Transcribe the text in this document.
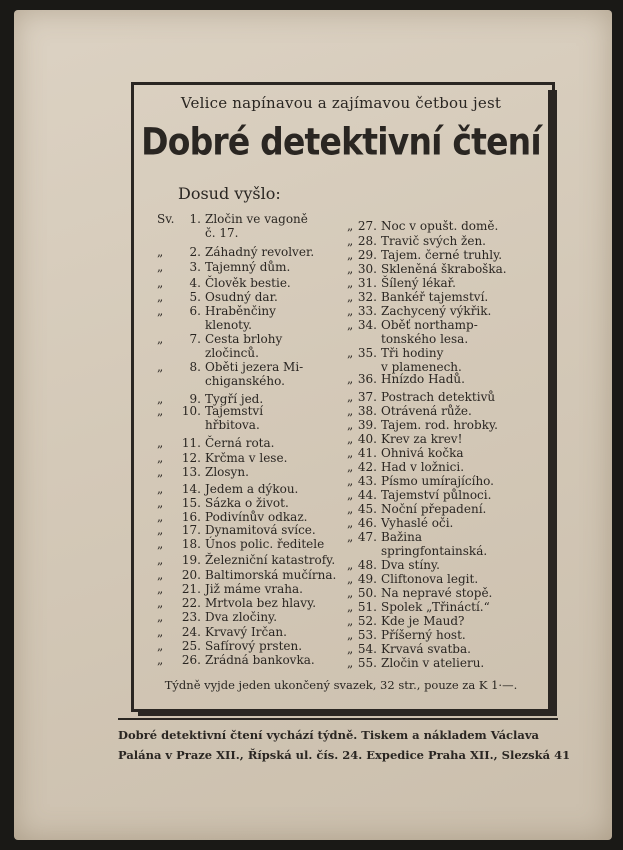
Velice napínavou a zajímavou četbou jest
Dobré detektivní čtení
Dosud vyšlo:
Sv.	1. Zločin ve vagoně
č. 17.
„	2. Záhadný revolver.
„	3. Tajemný dům.
„	4. Člověk bestie.
„	5. Osudný dar.
„	6. Hraběnčiny
klenoty.
„	7. Cesta brlohy
zločinců.
„	8. Oběti jezera Mi-
chiganského.
„	9. Tygří jed.
„ 10. Tajemství
hřbitova.
„ 11. Černá rota.
„ 12. Krčma v lese.
„ 13. Zlosyn.
„ 14. Jedem a dýkou.
„ 15. Sázka o život.
„ 16. Podivínův odkaz.
„ 17. Dynamitová svíce.
„ 18. Únos polic. ředitele
„ 19. Železniční katastrofy.
„ 20. Baltimorská mučírna.
„ 21. Již máme vraha.
„ 22. Mrtvola bez hlavy.
„ 23. Dva zločiny.
„ 24. Krvavý Irčan.
„ 25. Safírový prsten.
„ 26. Zrádná bankovka.
„ 27. Noc v opušt. domě.
„ 28. Travič svých žen.
„ 29. Tajem. černé truhly.
„ 30. Skleněná škraboška.
„ 31. Šílený lékař.
„ 32. Bankéř tajemství.
„ 33. Zachycený výkřik.
„ 34. Oběť northamp-
tonského lesa.
„ 35. Tři hodiny
v plamenech.
„ 36. Hnízdo Hadů.
„ 37. Postrach detektivů
„ 38. Otrávená růže.
„ 39. Tajem. rod. hrobky.
„ 40. Krev za krev!
„ 41. Ohnivá kočka
„ 42. Had v ložnici.
„ 43. Písmo umírajícího.
„ 44. Tajemství půlnoci.
„ 45. Noční přepadení.
„ 46. Vyhaslé oči.
„ 47. Bažina
springfontainská.
„ 48. Dva stíny.
„ 49. Cliftonova legit.
„ 50. Na nepravé stopě.
„ 51. Spolek „Třináctí.“
„ 52. Kde je Maud?
„ 53. Příšerný host.
„ 54. Krvavá svatba.
„ 55. Zločin v atelieru.
Týdně vyjde jeden ukončený svazek, 32 str., pouze za K 1·—.
Dobré detektivní čtení vychází týdně. Tiskem a nákladem Václava
Palána v Praze XII., Řípská ul. čís. 24. Expedice Praha XII., Slezská 41
